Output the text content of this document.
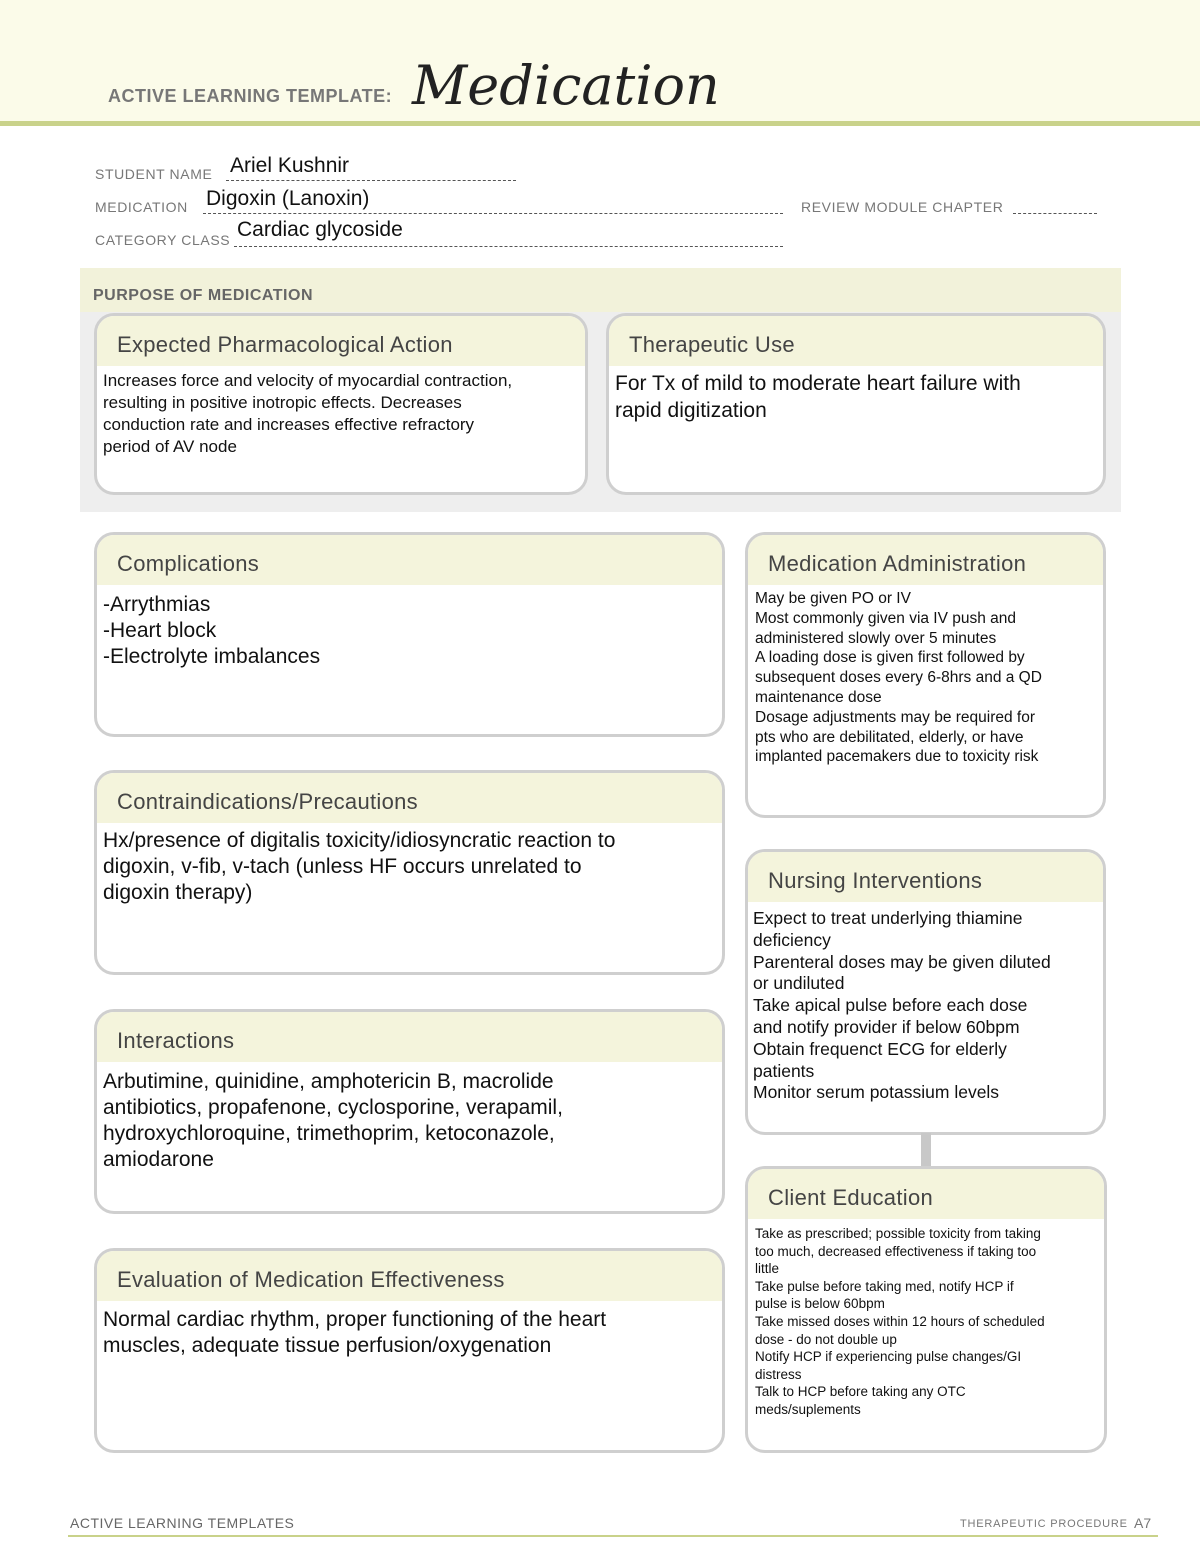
ACTIVE LEARNING TEMPLATE: Medication
STUDENT NAME Ariel Kushnir
MEDICATION Digoxin (Lanoxin)	REVIEW MODULE CHAPTER
CATEGORY CLASS Cardiac glycoside
PURPOSE OF MEDICATION
Expected Pharmacological Action
Increases force and velocity of myocardial contraction,
resulting in positive inotropic effects. Decreases
conduction rate and increases effective refractory
period of AV node
Therapeutic Use
For Tx of mild to moderate heart failure with
rapid digitization
Complications
-Arrythmias
-Heart block
-Electrolyte imbalances
Contraindications/Precautions
Hx/presence of digitalis toxicity/idiosyncratic reaction to
digoxin, v-fib, v-tach (unless HF occurs unrelated to
digoxin therapy)
Interactions
Arbutimine, quinidine, amphotericin B, macrolide
antibiotics, propafenone, cyclosporine, verapamil,
hydroxychloroquine, trimethoprim, ketoconazole,
amiodarone
Evaluation of Medication Effectiveness
Normal cardiac rhythm, proper functioning of the heart
muscles, adequate tissue perfusion/oxygenation
Medication Administration
May be given PO or IV
Most commonly given via IV push and
administered slowly over 5 minutes
A loading dose is given first followed by
subsequent doses every 6-8hrs and a QD
maintenance dose
Dosage adjustments may be required for
pts who are debilitated, elderly, or have
implanted pacemakers due to toxicity risk
Nursing Interventions
Expect to treat underlying thiamine
deficiency
Parenteral doses may be given diluted
or undiluted
Take apical pulse before each dose
and notify provider if below 60bpm
Obtain frequenct ECG for elderly
patients
Monitor serum potassium levels
Client Education
Take as prescribed; possible toxicity from taking
too much, decreased effectiveness if taking too
little
Take pulse before taking med, notify HCP if
pulse is below 60bpm
Take missed doses within 12 hours of scheduled
dose - do not double up
Notify HCP if experiencing pulse changes/GI
distress
Talk to HCP before taking any OTC
meds/suplements
ACTIVE LEARNING TEMPLATES	THERAPEUTIC PROCEDURE A7
